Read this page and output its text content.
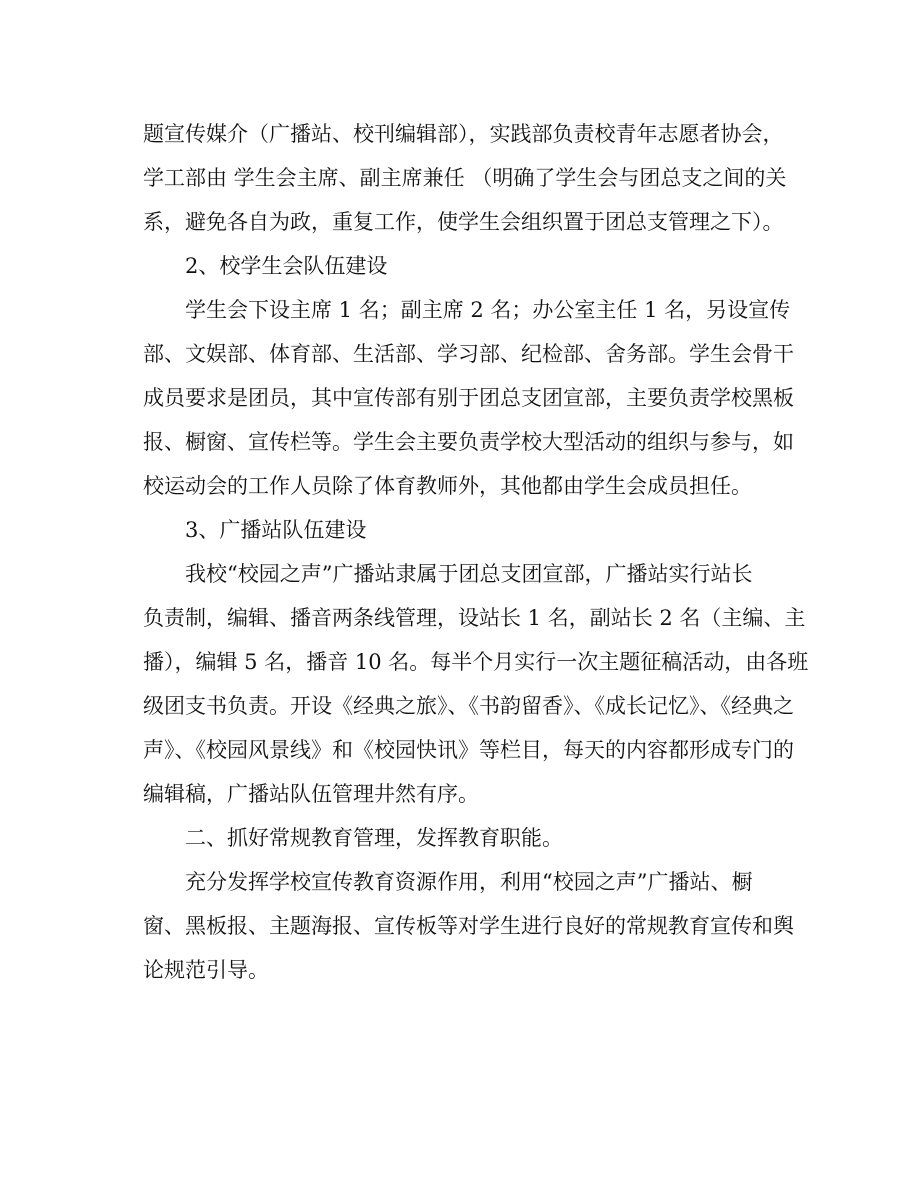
题宣传媒介（广播站、校刊编辑部），实践部负责校青年志愿者协会，
学工部由 学生会主席、副主席兼任 （明确了学生会与团总支之间的关
系，避免各自为政，重复工作，使学生会组织置于团总支管理之下）。

2、校学生会队伍建设

学生会下设主席 1 名；副主席 2 名；办公室主任 1 名，另设宣传
部、文娱部、体育部、生活部、学习部、纪检部、舍务部。学生会骨干
成员要求是团员，其中宣传部有别于团总支团宣部，主要负责学校黑板
报、橱窗、宣传栏等。学生会主要负责学校大型活动的组织与参与，如
校运动会的工作人员除了体育教师外，其他都由学生会成员担任。

3、广播站队伍建设

我校“校园之声”广播站隶属于团总支团宣部，广播站实行站长
负责制，编辑、播音两条线管理，设站长 1 名，副站长 2 名（主编、主
播），编辑 5 名，播音 10 名。每半个月实行一次主题征稿活动，由各班
级团支书负责。开设《经典之旅》、《书韵留香》、《成长记忆》、《经典之
声》、《校园风景线》和《校园快讯》等栏目，每天的内容都形成专门的
编辑稿，广播站队伍管理井然有序。

二、抓好常规教育管理，发挥教育职能。

充分发挥学校宣传教育资源作用，利用“校园之声”广播站、橱
窗、黑板报、主题海报、宣传板等对学生进行良好的常规教育宣传和舆
论规范引导。
